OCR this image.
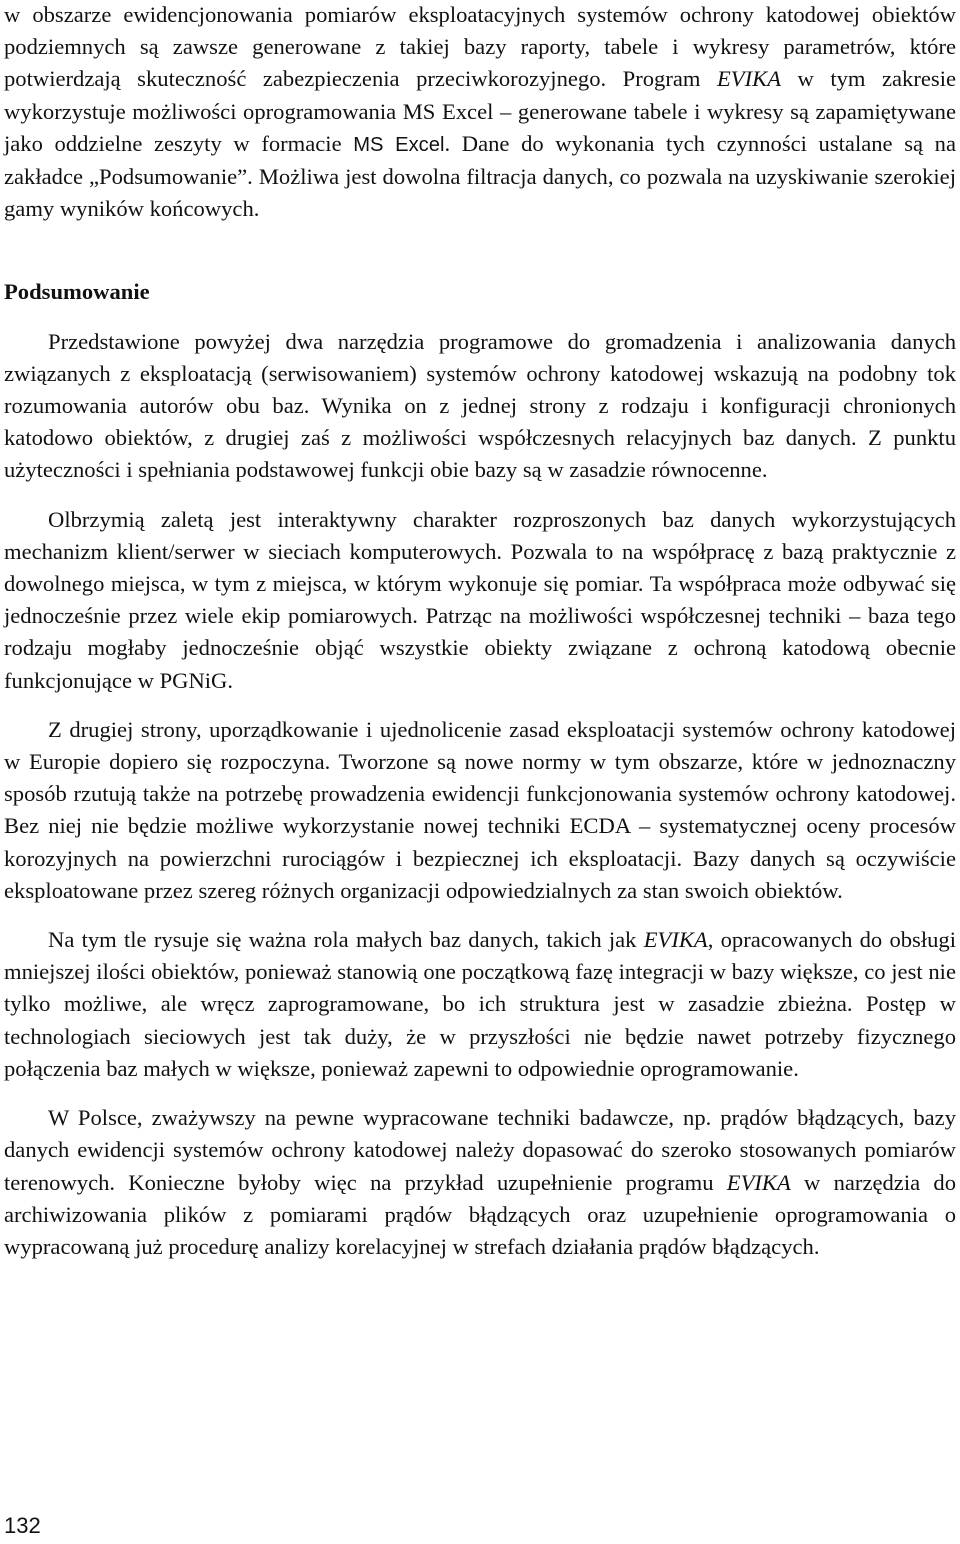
w obszarze ewidencjonowania pomiarów eksploatacyjnych systemów ochrony katodowej obiektów podziemnych są zawsze generowane z takiej bazy raporty, tabele i wykresy parametrów, które potwierdzają skuteczność zabezpieczenia przeciwkorozyjnego. Program EVIKA w tym zakresie wykorzystuje możliwości oprogramowania MS Excel – generowane tabele i wykresy są zapamiętywane jako oddzielne zeszyty w formacie MS Excel. Dane do wykonania tych czynności ustalane są na zakładce „Podsumowanie”. Możliwa jest dowolna filtracja danych, co pozwala na uzyskiwanie szerokiej gamy wyników końcowych.

Podsumowanie

Przedstawione powyżej dwa narzędzia programowe do gromadzenia i analizowania danych związanych z eksploatacją (serwisowaniem) systemów ochrony katodowej wskazują na podobny tok rozumowania autorów obu baz. Wynika on z jednej strony z rodzaju i konfiguracji chronionych katodowo obiektów, z drugiej zaś z możliwości współczesnych relacyjnych baz danych. Z punktu użyteczności i spełniania podstawowej funkcji obie bazy są w zasadzie równocenne.

Olbrzymią zaletą jest interaktywny charakter rozproszonych baz danych wykorzystujących mechanizm klient/serwer w sieciach komputerowych. Pozwala to na współpracę z bazą praktycznie z dowolnego miejsca, w tym z miejsca, w którym wykonuje się pomiar. Ta współpraca może odbywać się jednocześnie przez wiele ekip pomiarowych. Patrząc na możliwości współczesnej techniki – baza tego rodzaju mogłaby jednocześnie objąć wszystkie obiekty związane z ochroną katodową obecnie funkcjonujące w PGNiG.

Z drugiej strony, uporządkowanie i ujednolicenie zasad eksploatacji systemów ochrony katodowej w Europie dopiero się rozpoczyna. Tworzone są nowe normy w tym obszarze, które w jednoznaczny sposób rzutują także na potrzebę prowadzenia ewidencji funkcjonowania systemów ochrony katodowej. Bez niej nie będzie możliwe wykorzystanie nowej techniki ECDA – systematycznej oceny procesów korozyjnych na powierzchni rurociągów i bezpiecznej ich eksploatacji. Bazy danych są oczywiście eksploatowane przez szereg różnych organizacji odpowiedzialnych za stan swoich obiektów.

Na tym tle rysuje się ważna rola małych baz danych, takich jak EVIKA, opracowanych do obsługi mniejszej ilości obiektów, ponieważ stanowią one początkową fazę integracji w bazy większe, co jest nie tylko możliwe, ale wręcz zaprogramowane, bo ich struktura jest w zasadzie zbieżna. Postęp w technologiach sieciowych jest tak duży, że w przyszłości nie będzie nawet potrzeby fizycznego połączenia baz małych w większe, ponieważ zapewni to odpowiednie oprogramowanie.

W Polsce, zważywszy na pewne wypracowane techniki badawcze, np. prądów błądzących, bazy danych ewidencji systemów ochrony katodowej należy dopasować do szeroko stosowanych pomiarów terenowych. Konieczne byłoby więc na przykład uzupełnienie programu EVIKA w narzędzia do archiwizowania plików z pomiarami prądów błądzących oraz uzupełnienie oprogramowania o wypracowaną już procedurę analizy korelacyjnej w strefach działania prądów błądzących.

132
